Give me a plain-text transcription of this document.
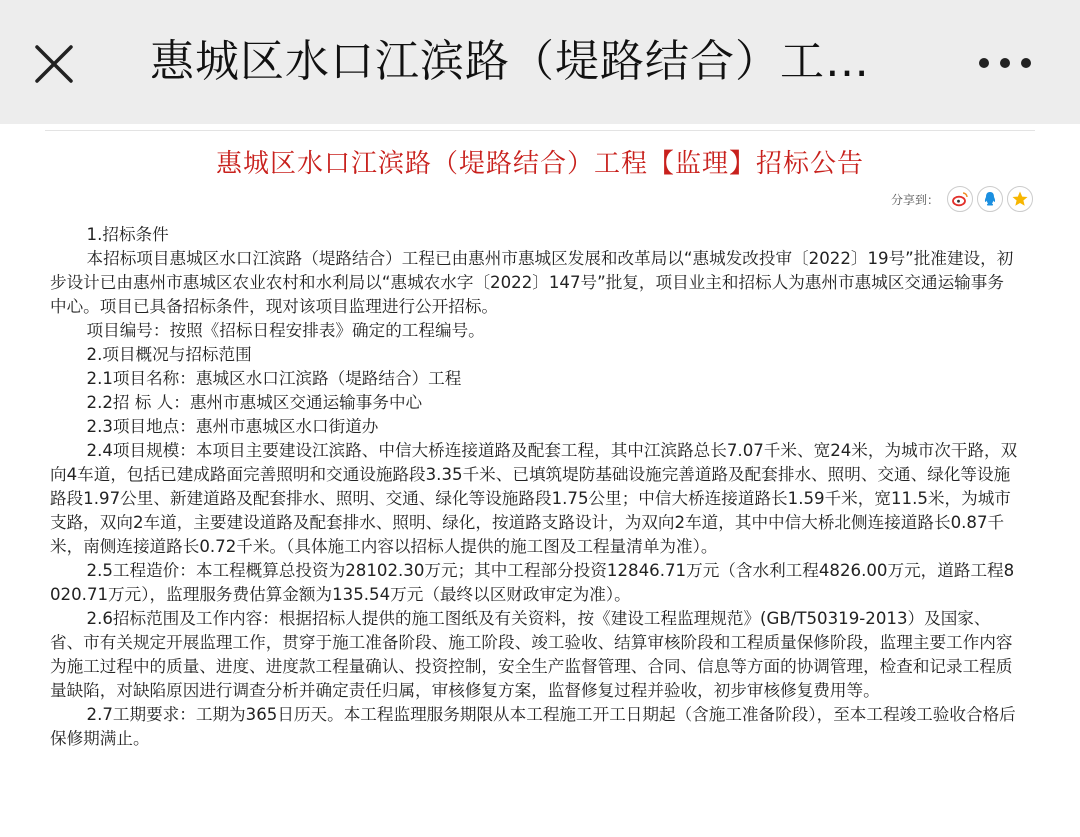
惠城区水口江滨路（堤路结合）工…
惠城区水口江滨路（堤路结合）工程【监理】招标公告
分享到：

1.招标条件

本招标项目惠城区水口江滨路（堤路结合）工程已由惠州市惠城区发展和改革局以“惠城发改投审〔2022〕19号”批准建设，初步设计已由惠州市惠城区农业农村和水利局以“惠城农水字〔2022〕147号”批复，项目业主和招标人为惠州市惠城区交通运输事务中心。项目已具备招标条件，现对该项目监理进行公开招标。

项目编号：按照《招标日程安排表》确定的工程编号。

2.项目概况与招标范围

2.1项目名称：惠城区水口江滨路（堤路结合）工程

2.2招 标 人：惠州市惠城区交通运输事务中心

2.3项目地点：惠州市惠城区水口街道办

2.4项目规模：本项目主要建设江滨路、中信大桥连接道路及配套工程，其中江滨路总长7.07千米、宽24米，为城市次干路，双向4车道，包括已建成路面完善照明和交通设施路段3.35千米、已填筑堤防基础设施完善道路及配套排水、照明、交通、绿化等设施路段1.97公里、新建道路及配套排水、照明、交通、绿化等设施路段1.75公里；中信大桥连接道路长1.59千米，宽11.5米，为城市支路，双向2车道，主要建设道路及配套排水、照明、绿化，按道路支路设计，为双向2车道，其中中信大桥北侧连接道路长0.87千米，南侧连接道路长0.72千米。（具体施工内容以招标人提供的施工图及工程量清单为准）。

2.5工程造价：本工程概算总投资为28102.30万元；其中工程部分投资12846.71万元（含水利工程4826.00万元，道路工程8020.71万元），监理服务费估算金额为135.54万元（最终以区财政审定为准）。

2.6招标范围及工作内容：根据招标人提供的施工图纸及有关资料，按《建设工程监理规范》(GB/T50319-2013）及国家、省、市有关规定开展监理工作，贯穿于施工准备阶段、施工阶段、竣工验收、结算审核阶段和工程质量保修阶段，监理主要工作内容为施工过程中的质量、进度、进度款工程量确认、投资控制，安全生产监督管理、合同、信息等方面的协调管理，检查和记录工程质量缺陷，对缺陷原因进行调查分析并确定责任归属，审核修复方案，监督修复过程并验收，初步审核修复费用等。

2.7工期要求：工期为365日历天。本工程监理服务期限从本工程施工开工日期起（含施工准备阶段），至本工程竣工验收合格后保修期满止。
